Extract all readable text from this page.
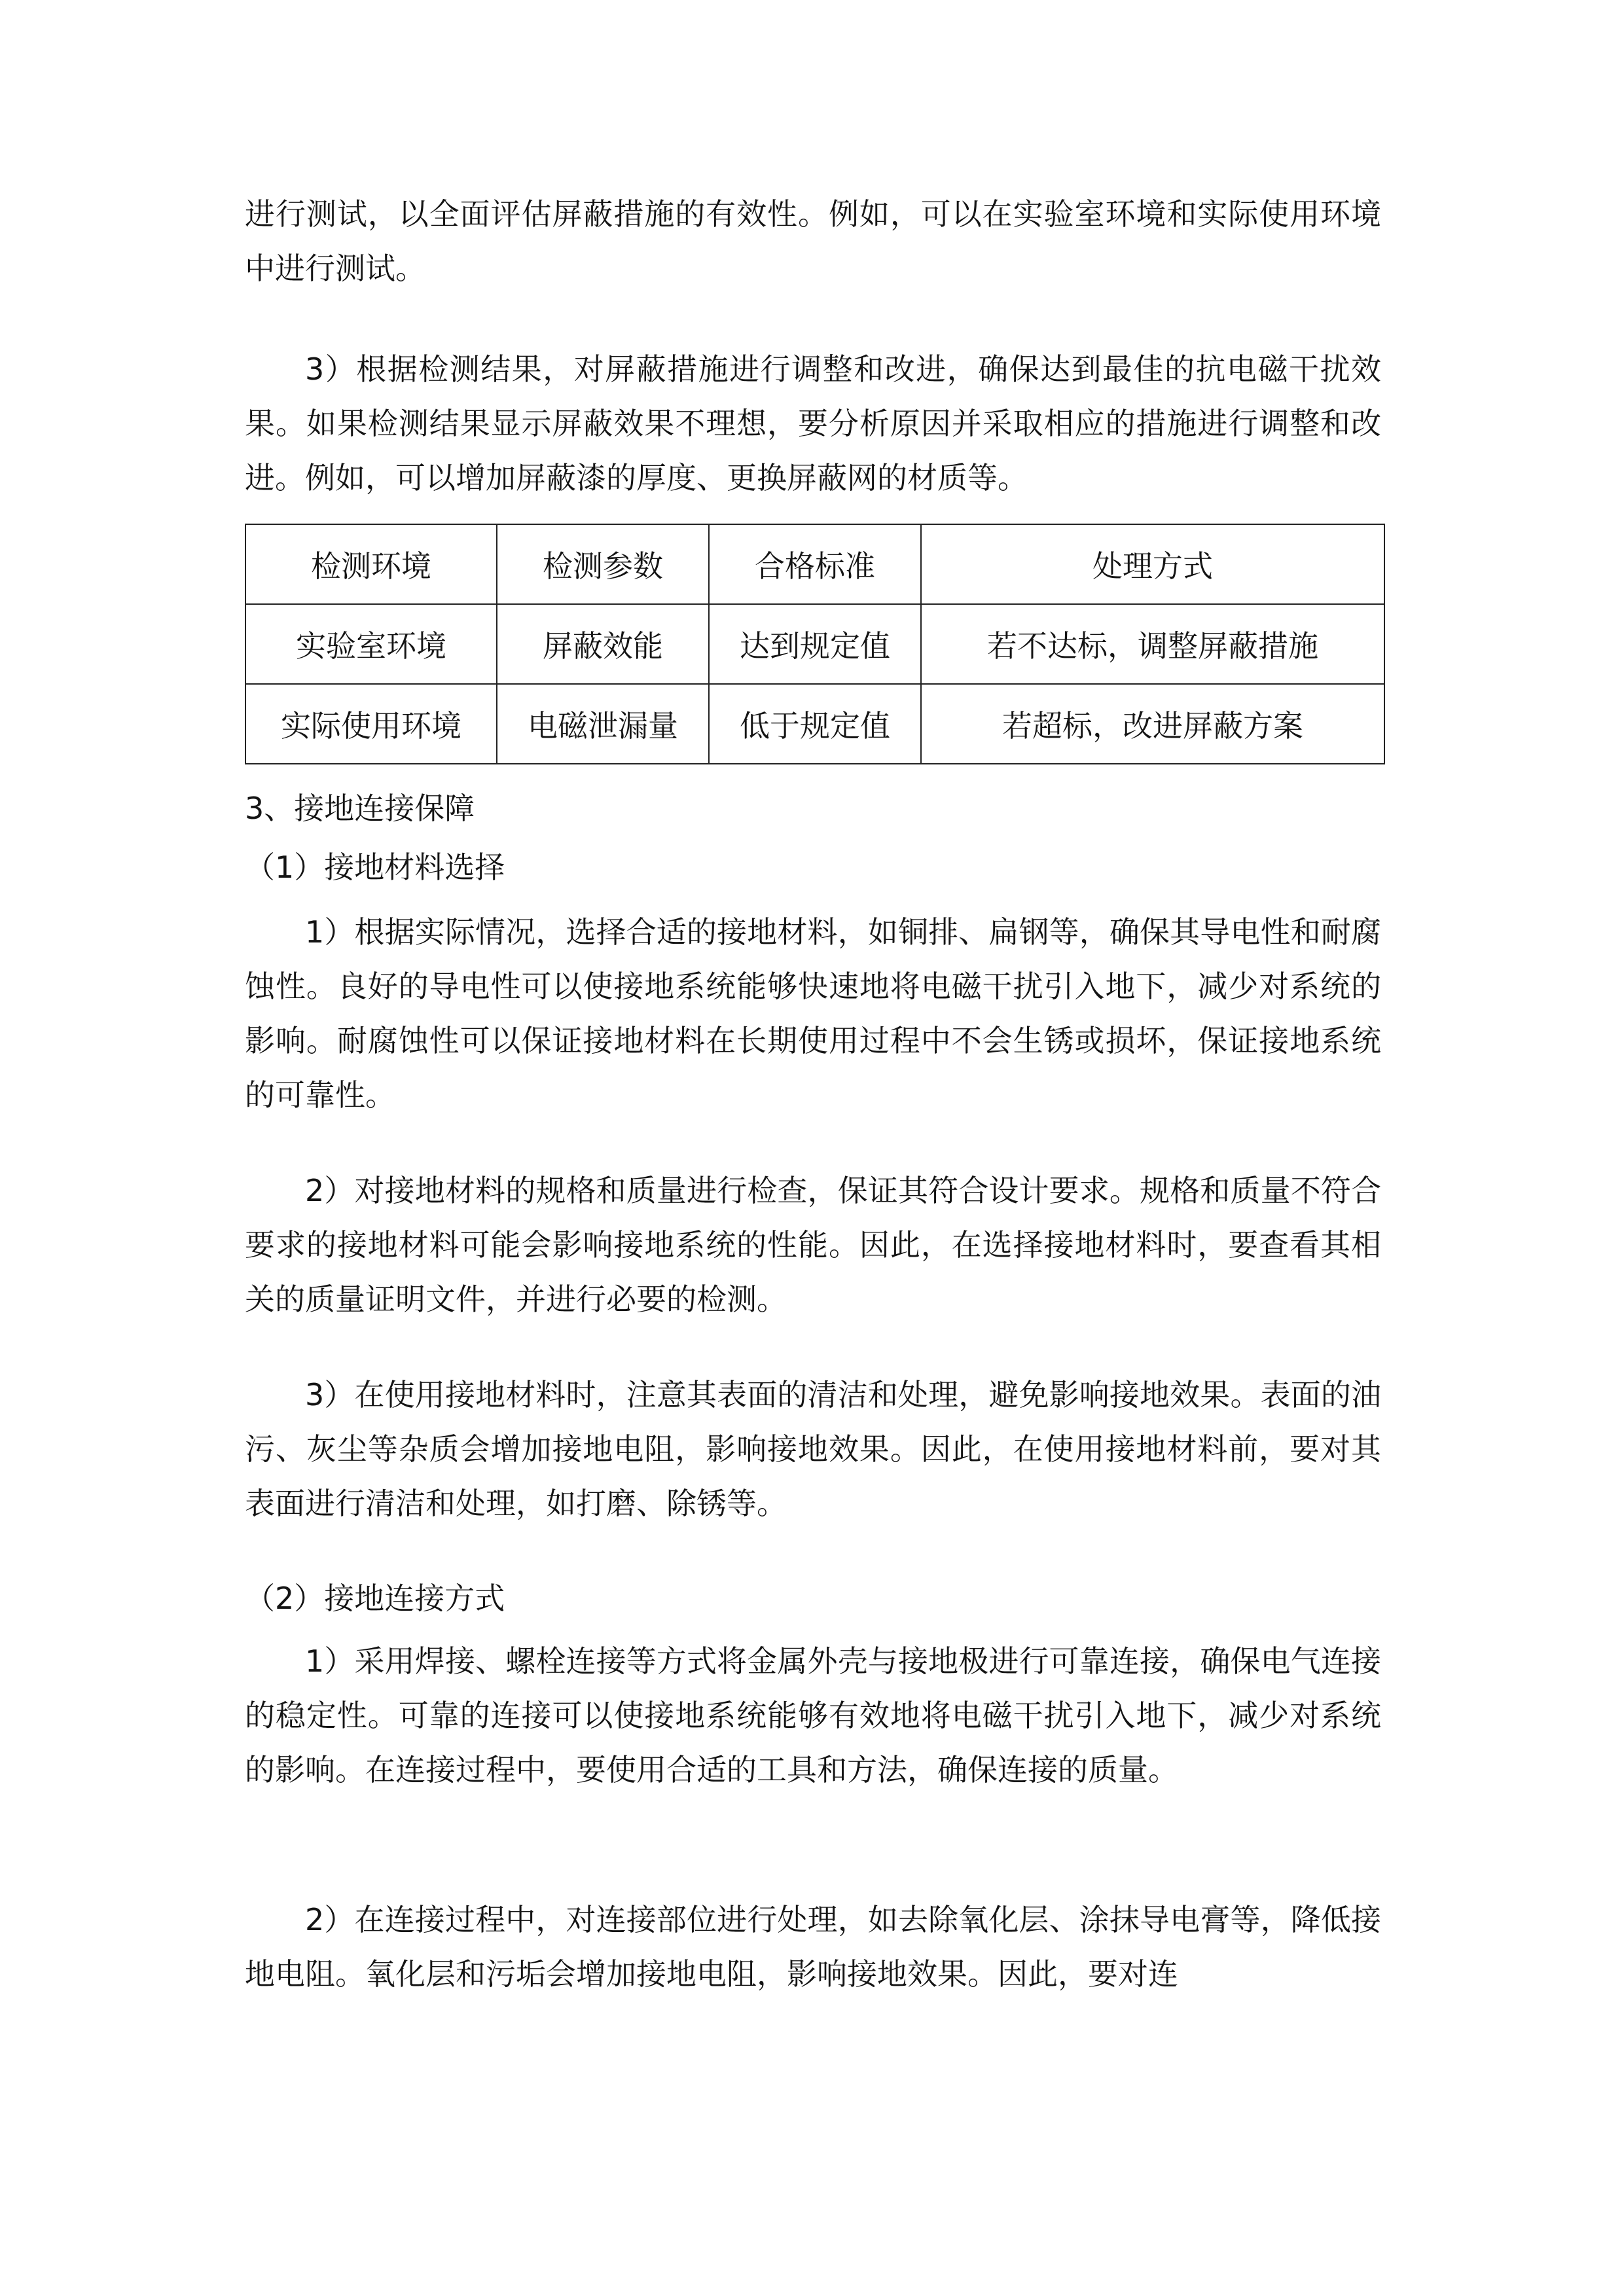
进行测试，以全面评估屏蔽措施的有效性。例如，可以在实验室环境和实际使用环境中进行测试。

3）根据检测结果，对屏蔽措施进行调整和改进，确保达到最佳的抗电磁干扰效果。如果检测结果显示屏蔽效果不理想，要分析原因并采取相应的措施进行调整和改进。例如，可以增加屏蔽漆的厚度、更换屏蔽网的材质等。

检测环境	检测参数	合格标准	处理方式
实验室环境	屏蔽效能	达到规定值	若不达标，调整屏蔽措施
实际使用环境	电磁泄漏量	低于规定值	若超标，改进屏蔽方案

3、接地连接保障

（1）接地材料选择

1）根据实际情况，选择合适的接地材料，如铜排、扁钢等，确保其导电性和耐腐蚀性。良好的导电性可以使接地系统能够快速地将电磁干扰引入地下，减少对系统的影响。耐腐蚀性可以保证接地材料在长期使用过程中不会生锈或损坏，保证接地系统的可靠性。

2）对接地材料的规格和质量进行检查，保证其符合设计要求。规格和质量不符合要求的接地材料可能会影响接地系统的性能。因此，在选择接地材料时，要查看其相关的质量证明文件，并进行必要的检测。

3）在使用接地材料时，注意其表面的清洁和处理，避免影响接地效果。表面的油污、灰尘等杂质会增加接地电阻，影响接地效果。因此，在使用接地材料前，要对其表面进行清洁和处理，如打磨、除锈等。

（2）接地连接方式

1）采用焊接、螺栓连接等方式将金属外壳与接地极进行可靠连接，确保电气连接的稳定性。可靠的连接可以使接地系统能够有效地将电磁干扰引入地下，减少对系统的影响。在连接过程中，要使用合适的工具和方法，确保连接的质量。

2）在连接过程中，对连接部位进行处理，如去除氧化层、涂抹导电膏等，降低接地电阻。氧化层和污垢会增加接地电阻，影响接地效果。因此，要对连
